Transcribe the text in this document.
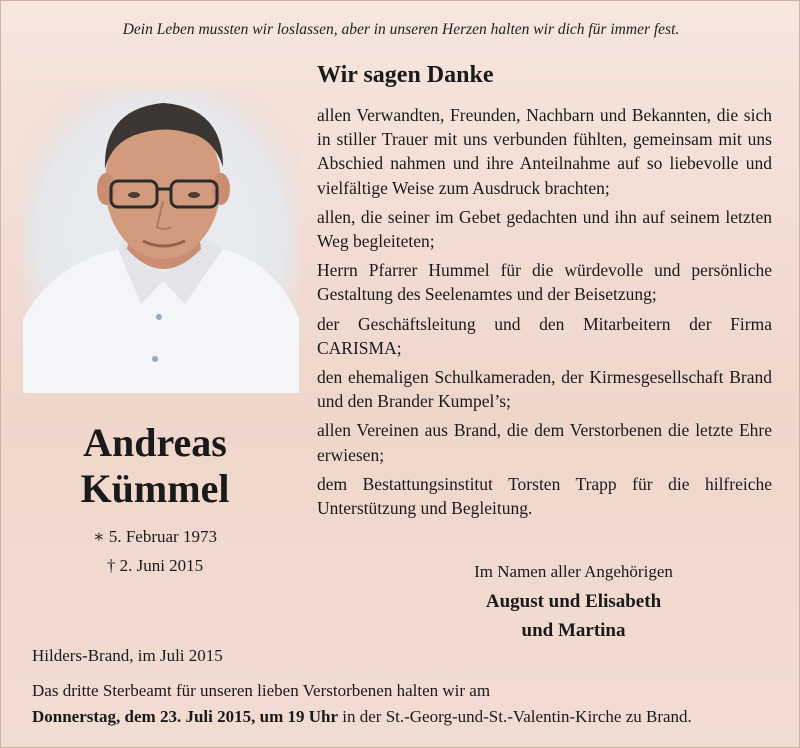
Dein Leben mussten wir loslassen, aber in unseren Herzen halten wir dich für immer fest.
Andreas
Kümmel
∗ 5. Februar 1973
† 2. Juni 2015
Wir sagen Danke

allen Verwandten, Freunden, Nachbarn und Bekannten, die sich in stiller Trauer mit uns verbunden fühlten, gemeinsam mit uns Abschied nahmen und ihre Anteilnahme auf so liebevolle und vielfältige Weise zum Ausdruck brachten;

allen, die seiner im Gebet gedachten und ihn auf seinem letzten Weg begleiteten;

Herrn Pfarrer Hummel für die würdevolle und persönliche Gestaltung des Seelenamtes und der Beisetzung;

der Geschäftsleitung und den Mitarbeitern der Firma CARISMA;

den ehemaligen Schulkameraden, der Kirmesgesellschaft Brand und den Brander Kumpel’s;

allen Vereinen aus Brand, die dem Verstorbenen die letzte Ehre erwiesen;

dem Bestattungsinstitut Torsten Trapp für die hilfreiche Unterstützung und Begleitung.

Im Namen aller Angehörigen
August und Elisabeth
und Martina
Hilders-Brand, im Juli 2015
Das dritte Sterbeamt für unseren lieben Verstorbenen halten wir am
Donnerstag, dem 23. Juli 2015, um 19 Uhr in der St.-Georg-und-St.-Valentin-Kirche zu Brand.
